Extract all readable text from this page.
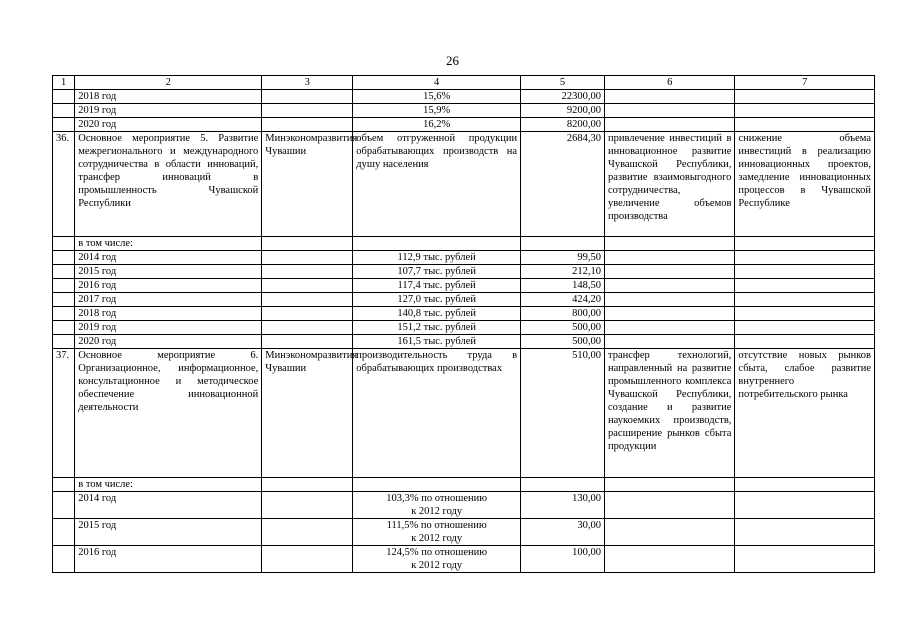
26
1	2	3	4	5	6	7
	2018 год		15,6%	22300,00		
	2019 год		15,9%	9200,00		
	2020 год		16,2%	8200,00		
36.	Основное мероприятие 5. Развитие межрегионального и международного сотрудничества в области инноваций, трансфер инноваций в промышленность Чувашской Республики	Минэкономразвития Чувашии	объем отгруженной продукции обрабатывающих производств на душу населения	2684,30	привлечение инвестиций в инновационное развитие Чувашской Республики, развитие взаимовыгодного сотрудничества, увеличение объемов производства	снижение объема инвестиций в реализацию инновационных проектов, замедление инновационных процессов в Чувашской Республике
	в том числе:					
	2014 год		112,9 тыс. рублей	99,50		
	2015 год		107,7 тыс. рублей	212,10		
	2016 год		117,4 тыс. рублей	148,50		
	2017 год		127,0 тыс. рублей	424,20		
	2018 год		140,8 тыс. рублей	800,00		
	2019 год		151,2 тыс. рублей	500,00		
	2020 год		161,5 тыс. рублей	500,00		
37.	Основное мероприятие 6. Организационное, информационное, консультационное и методическое обеспечение инновационной деятельности	Минэкономразвития Чувашии	производительность труда в обрабатывающих производствах	510,00	трансфер технологий, направленный на развитие промышленного комплекса Чувашской Республики, создание и развитие наукоемких производств, расширение рынков сбыта продукции	отсутствие новых рынков сбыта, слабое развитие внутреннего потребительского рынка
	в том числе:					
	2014 год		103,3% по отношению
к 2012 году	130,00		
	2015 год		111,5% по отношению
к 2012 году	30,00		
	2016 год		124,5% по отношению
к 2012 году	100,00		
